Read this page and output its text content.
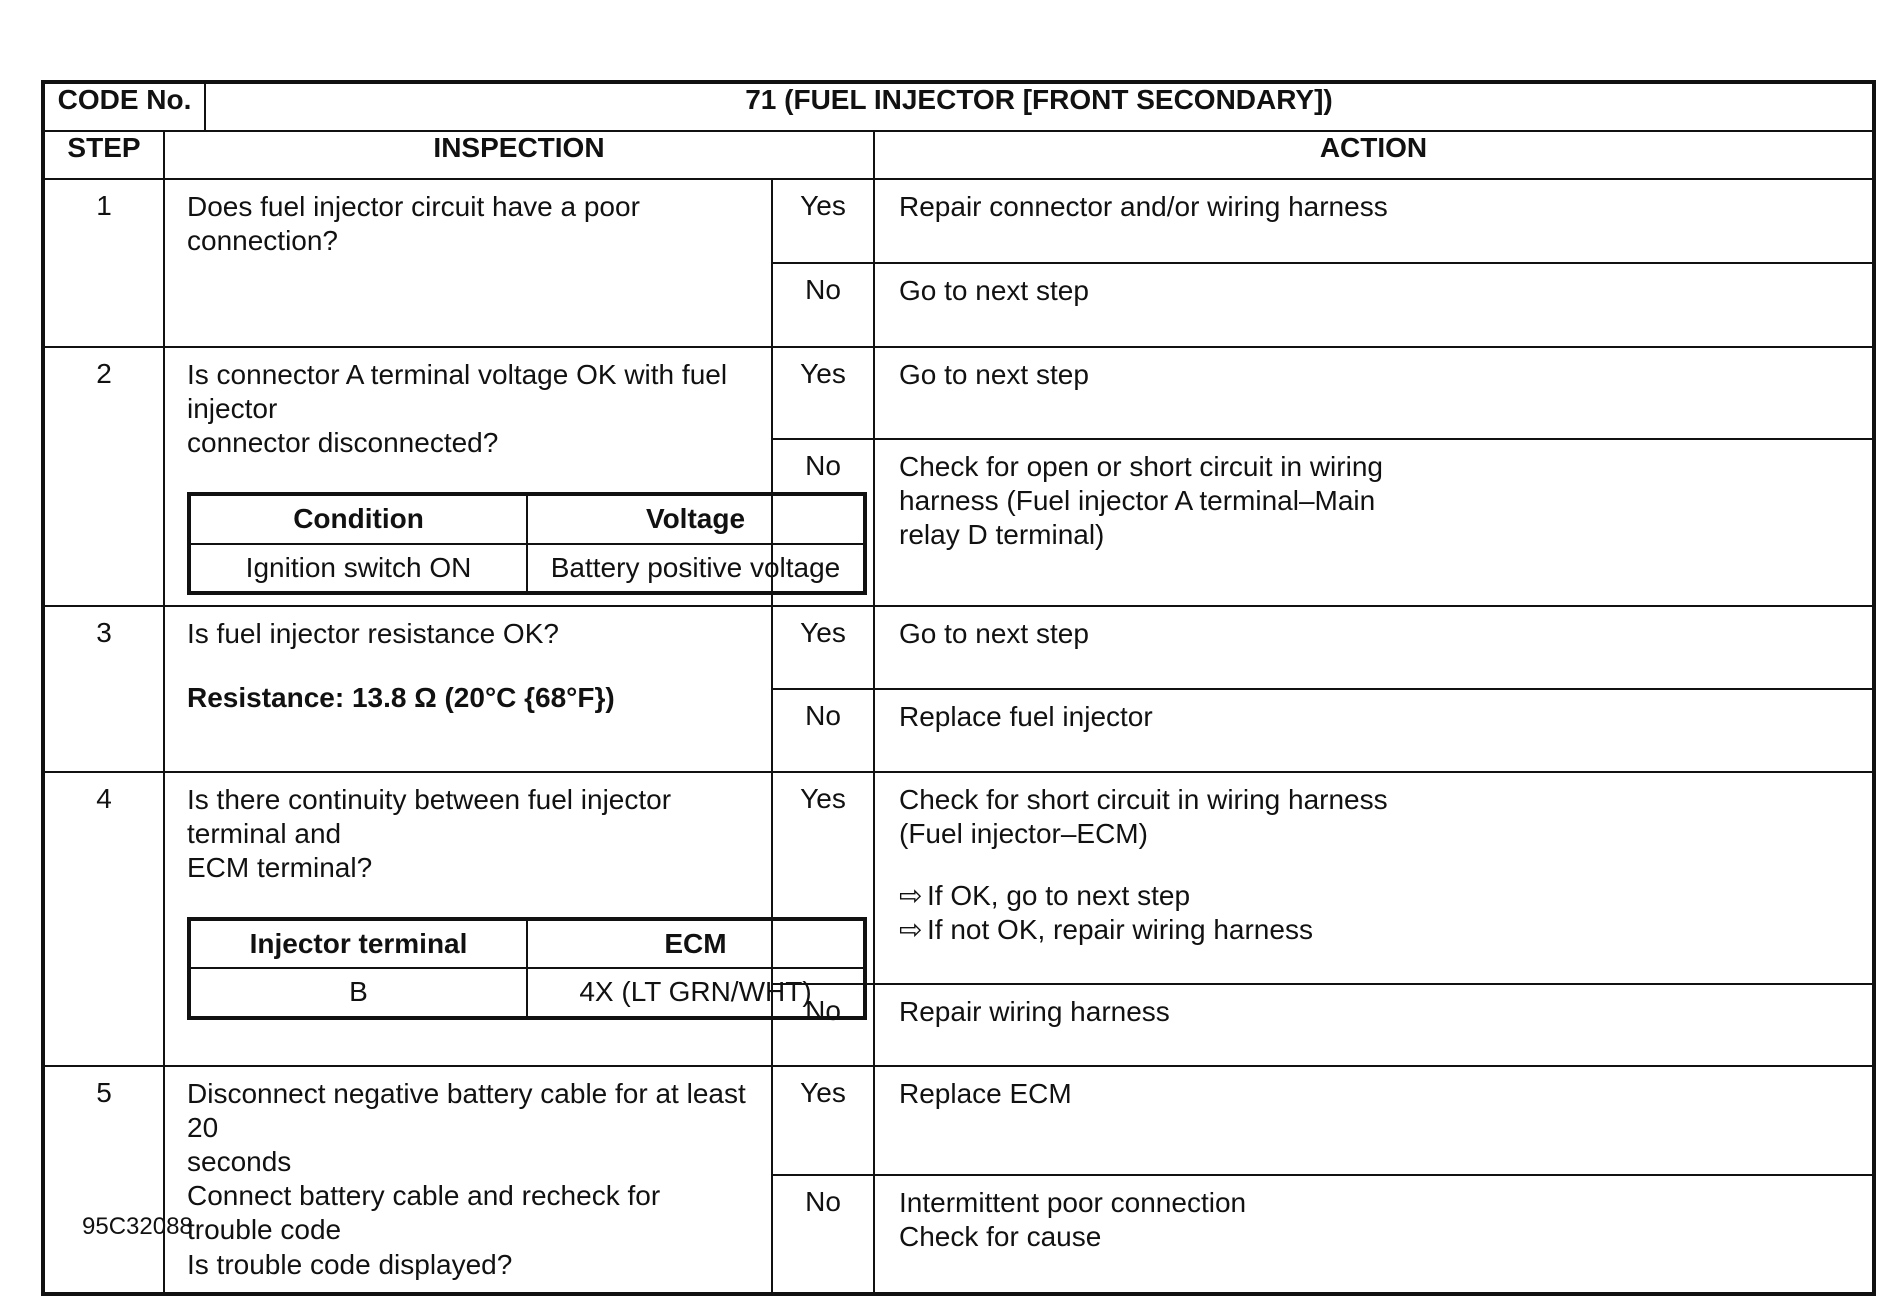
CODE No.	71 (FUEL INJECTOR [FRONT SECONDARY])
STEP	INSPECTION	ACTION
1	Does fuel injector circuit have a poor connection?	Yes	Repair connector and/or wiring harness
No	Go to next step
2	Is connector A terminal voltage OK with fuel injector
connector disconnected?
Condition	Voltage
Ignition switch ON	Battery positive voltage
	Yes	Go to next step
No	Check for open or short circuit in wiring
harness (Fuel injector A terminal–Main
relay D terminal)

3	Is fuel injector resistance OK?
Resistance: 13.8 Ω (20°C {68°F})
	Yes	Go to next step
No	Replace fuel injector
4	Is there continuity between fuel injector terminal and
ECM terminal?
Injector terminal	ECM
B	4X (LT GRN/WHT)
	Yes	Check for short circuit in wiring harness
(Fuel injector–ECM)
⇨ If OK, go to next step
⇨ If not OK, repair wiring harness

No	Repair wiring harness
5	Disconnect negative battery cable for at least 20
seconds
Connect battery cable and recheck for trouble code
Is trouble code displayed?
	Yes	Replace ECM
No	Intermittent poor connection
Check for cause
95C32088
